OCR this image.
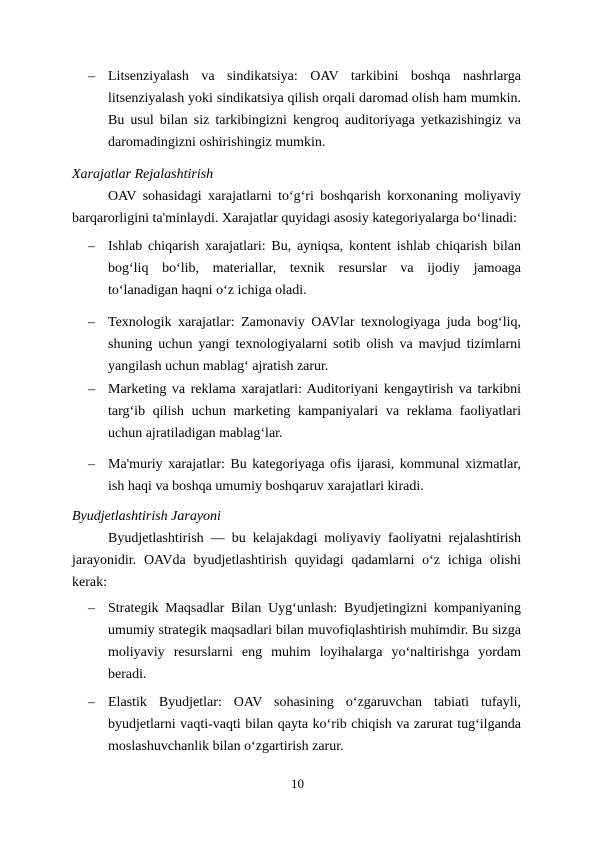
– Litsenziyalash va sindikatsiya: OAV tarkibini boshqa nashrlarga litsenziyalash yoki sindikatsiya qilish orqali daromad olish ham mumkin. Bu usul bilan siz tarkibingizni kengroq auditoriyaga yetkazishingiz va daromadingizni oshirishingiz mumkin.
Xarajatlar Rejalashtirish
OAV sohasidagi xarajatlarni to‘g‘ri boshqarish korxonaning moliyaviy barqarorligini ta'minlaydi. Xarajatlar quyidagi asosiy kategoriyalarga bo‘linadi:
– Ishlab chiqarish xarajatlari: Bu, ayniqsa, kontent ishlab chiqarish bilan bog‘liq bo‘lib, materiallar, texnik resurslar va ijodiy jamoaga to‘lanadigan haqni o‘z ichiga oladi.
– Texnologik xarajatlar: Zamonaviy OAVlar texnologiyaga juda bog‘liq, shuning uchun yangi texnologiyalarni sotib olish va mavjud tizimlarni yangilash uchun mablag‘ ajratish zarur.
– Marketing va reklama xarajatlari: Auditoriyani kengaytirish va tarkibni targ‘ib qilish uchun marketing kampaniyalari va reklama faoliyatlari uchun ajratiladigan mablag‘lar.
– Ma'muriy xarajatlar: Bu kategoriyaga ofis ijarasi, kommunal xizmatlar, ish haqi va boshqa umumiy boshqaruv xarajatlari kiradi.
Byudjetlashtirish Jarayoni
Byudjetlashtirish — bu kelajakdagi moliyaviy faoliyatni rejalashtirish jarayonidir. OAVda byudjetlashtirish quyidagi qadamlarni o‘z ichiga olishi kerak:
– Strategik Maqsadlar Bilan Uyg‘unlash: Byudjetingizni kompaniyaning umumiy strategik maqsadlari bilan muvofiqlashtirish muhimdir. Bu sizga moliyaviy resurslarni eng muhim loyihalarga yo‘naltirishga yordam beradi.
– Elastik Byudjetlar: OAV sohasining o‘zgaruvchan tabiati tufayli, byudjetlarni vaqti-vaqti bilan qayta ko‘rib chiqish va zarurat tug‘ilganda moslashuvchanlik bilan o‘zgartirish zarur.
10
